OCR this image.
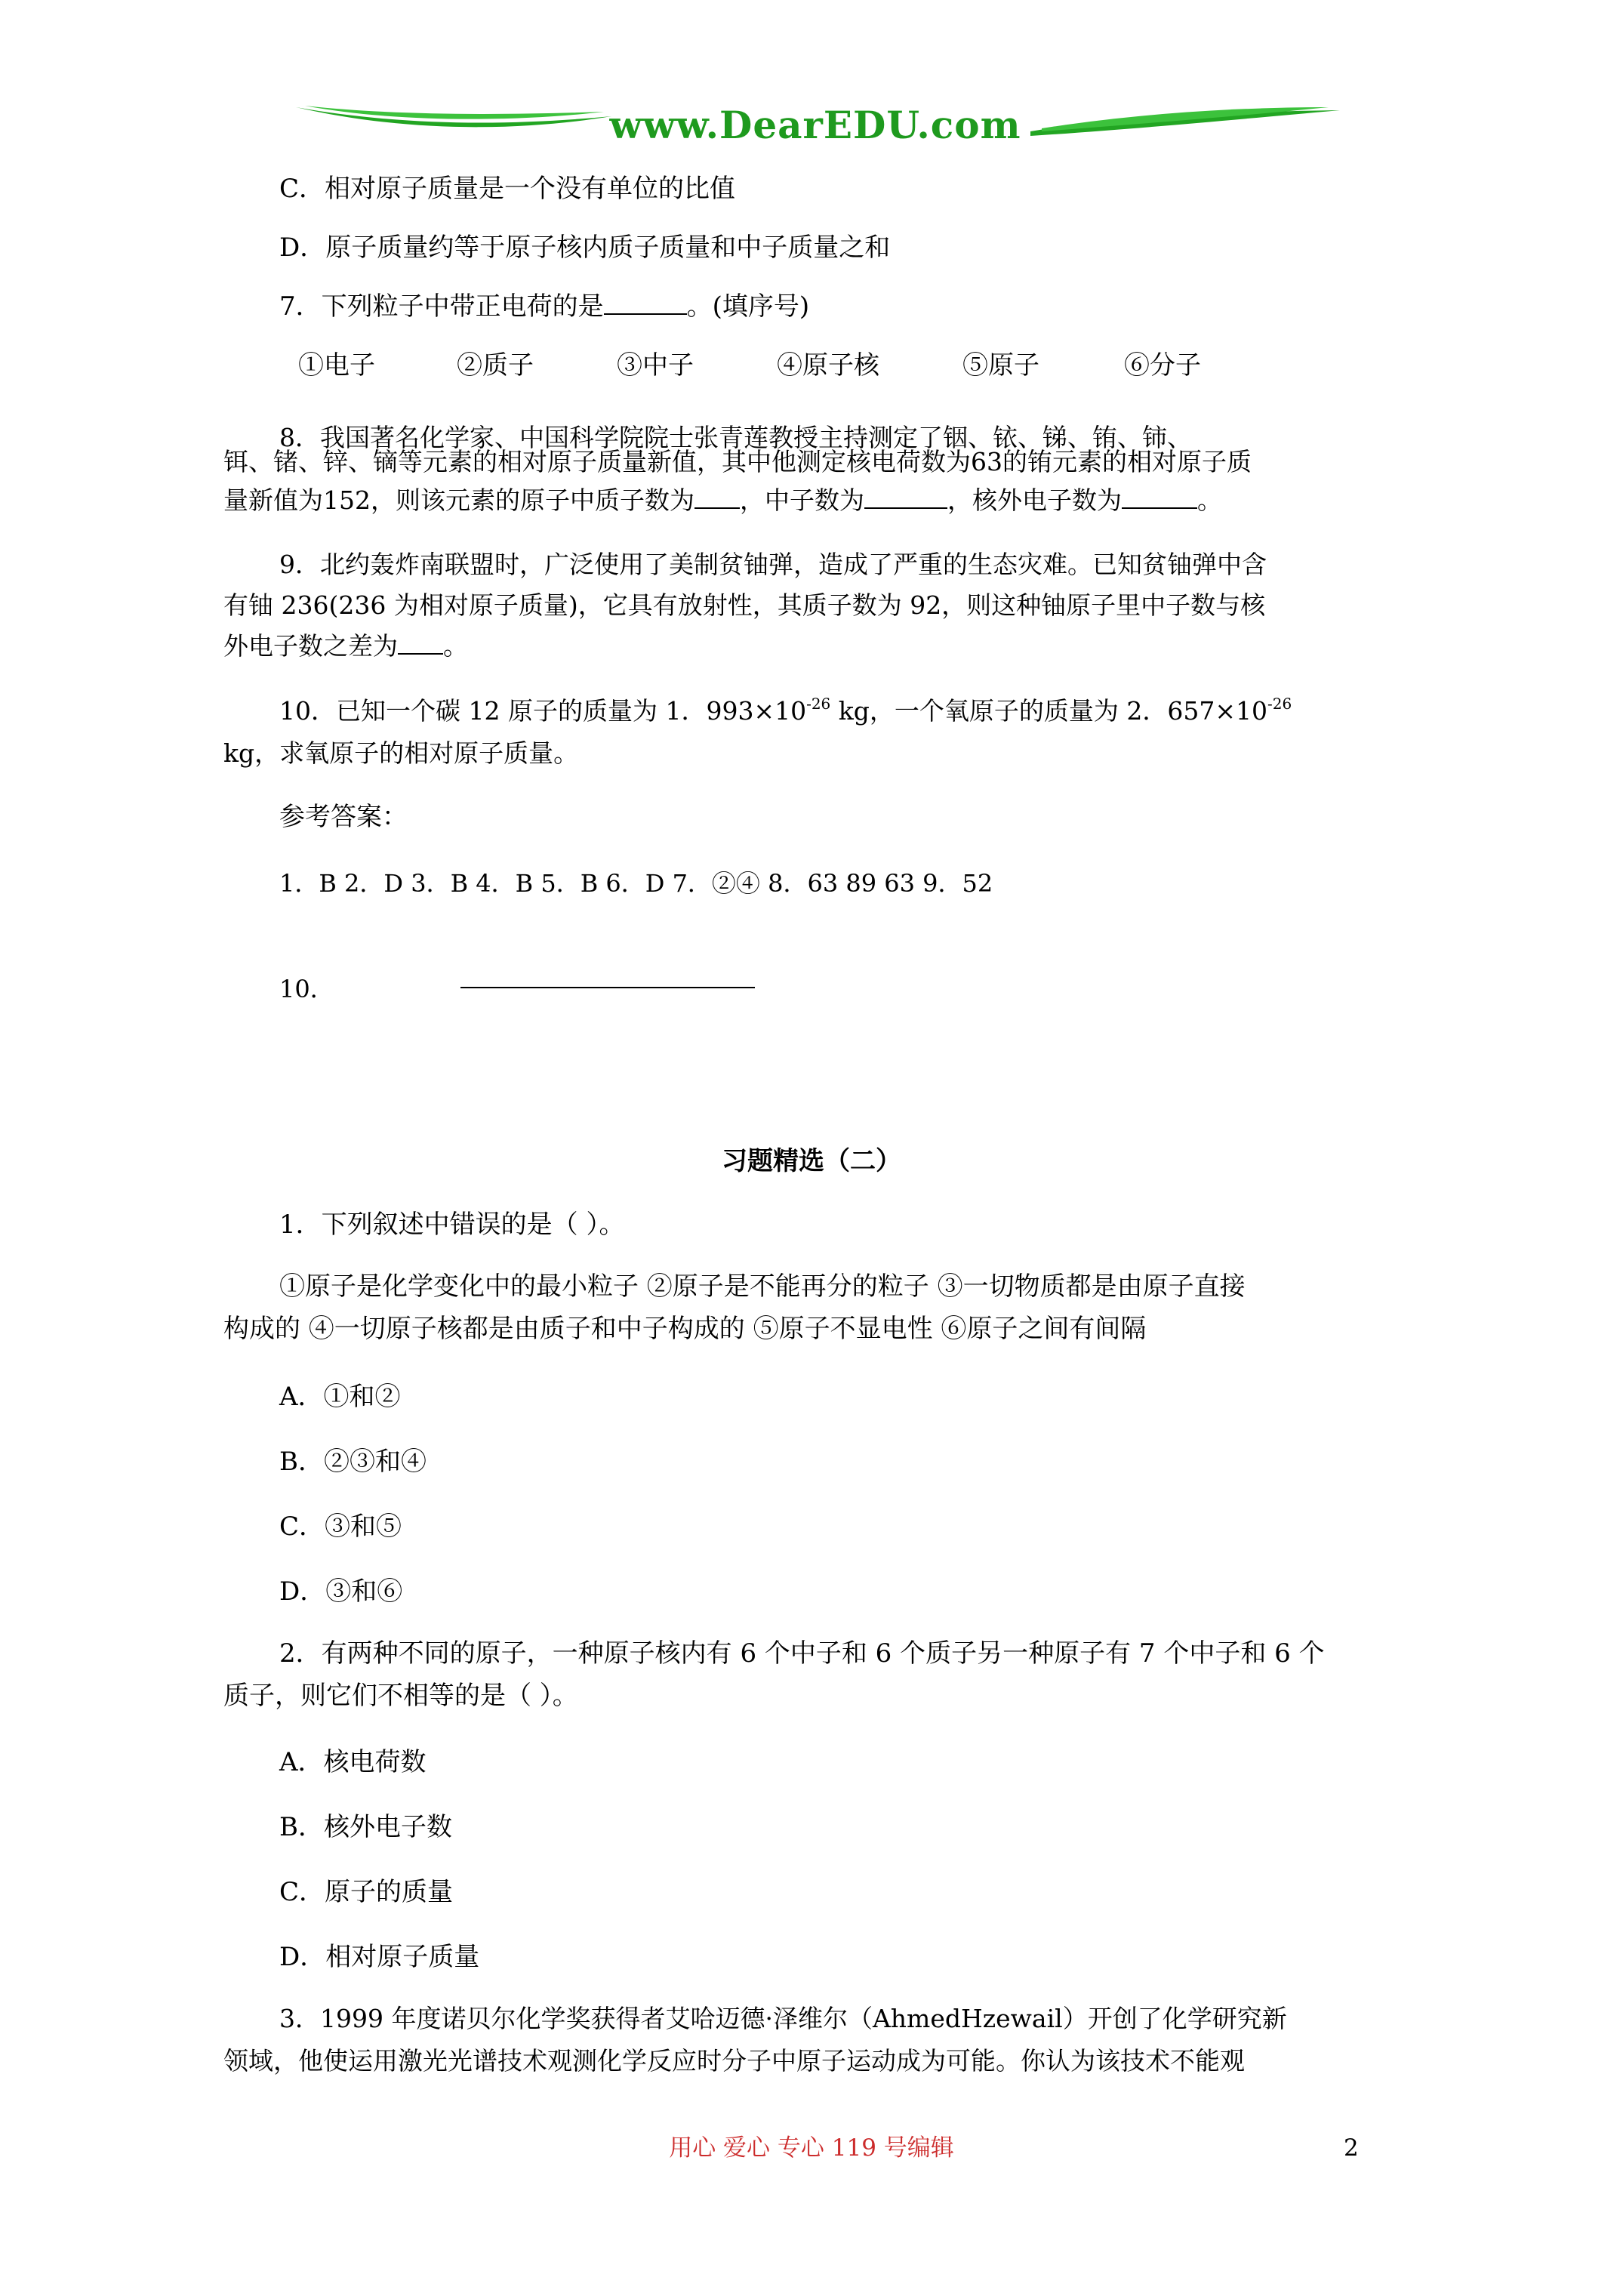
www.DearEDU.com
C．相对原子质量是一个没有单位的比值
D．原子质量约等于原子核内质子质量和中子质量之和
7．下列粒子中带正电荷的是	。(填序号)
①电子	②质子	③中子	④原子核	⑤原子	⑥分子
8．我国著名化学家、中国科学院院士张青莲教授主持测定了铟、铱、锑、铕、铈、
铒、锗、锌、镝等元素的相对原子质量新值，其中他测定核电荷数为63的铕元素的相对原子质
量新值为152，则该元素的原子中质子数为 ，中子数为	，核外电子数为	。
9．北约轰炸南联盟时，广泛使用了美制贫铀弹，造成了严重的生态灾难。已知贫铀弹中含
有铀 236(236 为相对原子质量)，它具有放射性，其质子数为 92，则这种铀原子里中子数与核
外电子数之差为 。
10．已知一个碳 12 原子的质量为 1．$993\times 10^{-26}$ kg，一个氧原子的质量为 2．$657\times 10^{-26}$
kg，求氧原子的相对原子质量。
参考答案：
1．B 2．D 3．B 4．B 5．B 6．D 7．②④ 8．63 89 63 9．52
10．
习题精选（二）
1．下列叙述中错误的是（ ）。
①原子是化学变化中的最小粒子 ②原子是不能再分的粒子 ③一切物质都是由原子直接
构成的 ④一切原子核都是由质子和中子构成的 ⑤原子不显电性 ⑥原子之间有间隔
A．①和②
B．②③和④
C．③和⑤
D．③和⑥
2．有两种不同的原子，一种原子核内有 6 个中子和 6 个质子另一种原子有 7 个中子和 6 个
质子，则它们不相等的是（ ）。
A．核电荷数
B．核外电子数
C．原子的质量
D．相对原子质量
3．1999 年度诺贝尔化学奖获得者艾哈迈德·泽维尔（AhmedHzewail）开创了化学研究新
领域，他使运用激光光谱技术观测化学反应时分子中原子运动成为可能。你认为该技术不能观
用心 爱心 专心 119 号编辑	2
